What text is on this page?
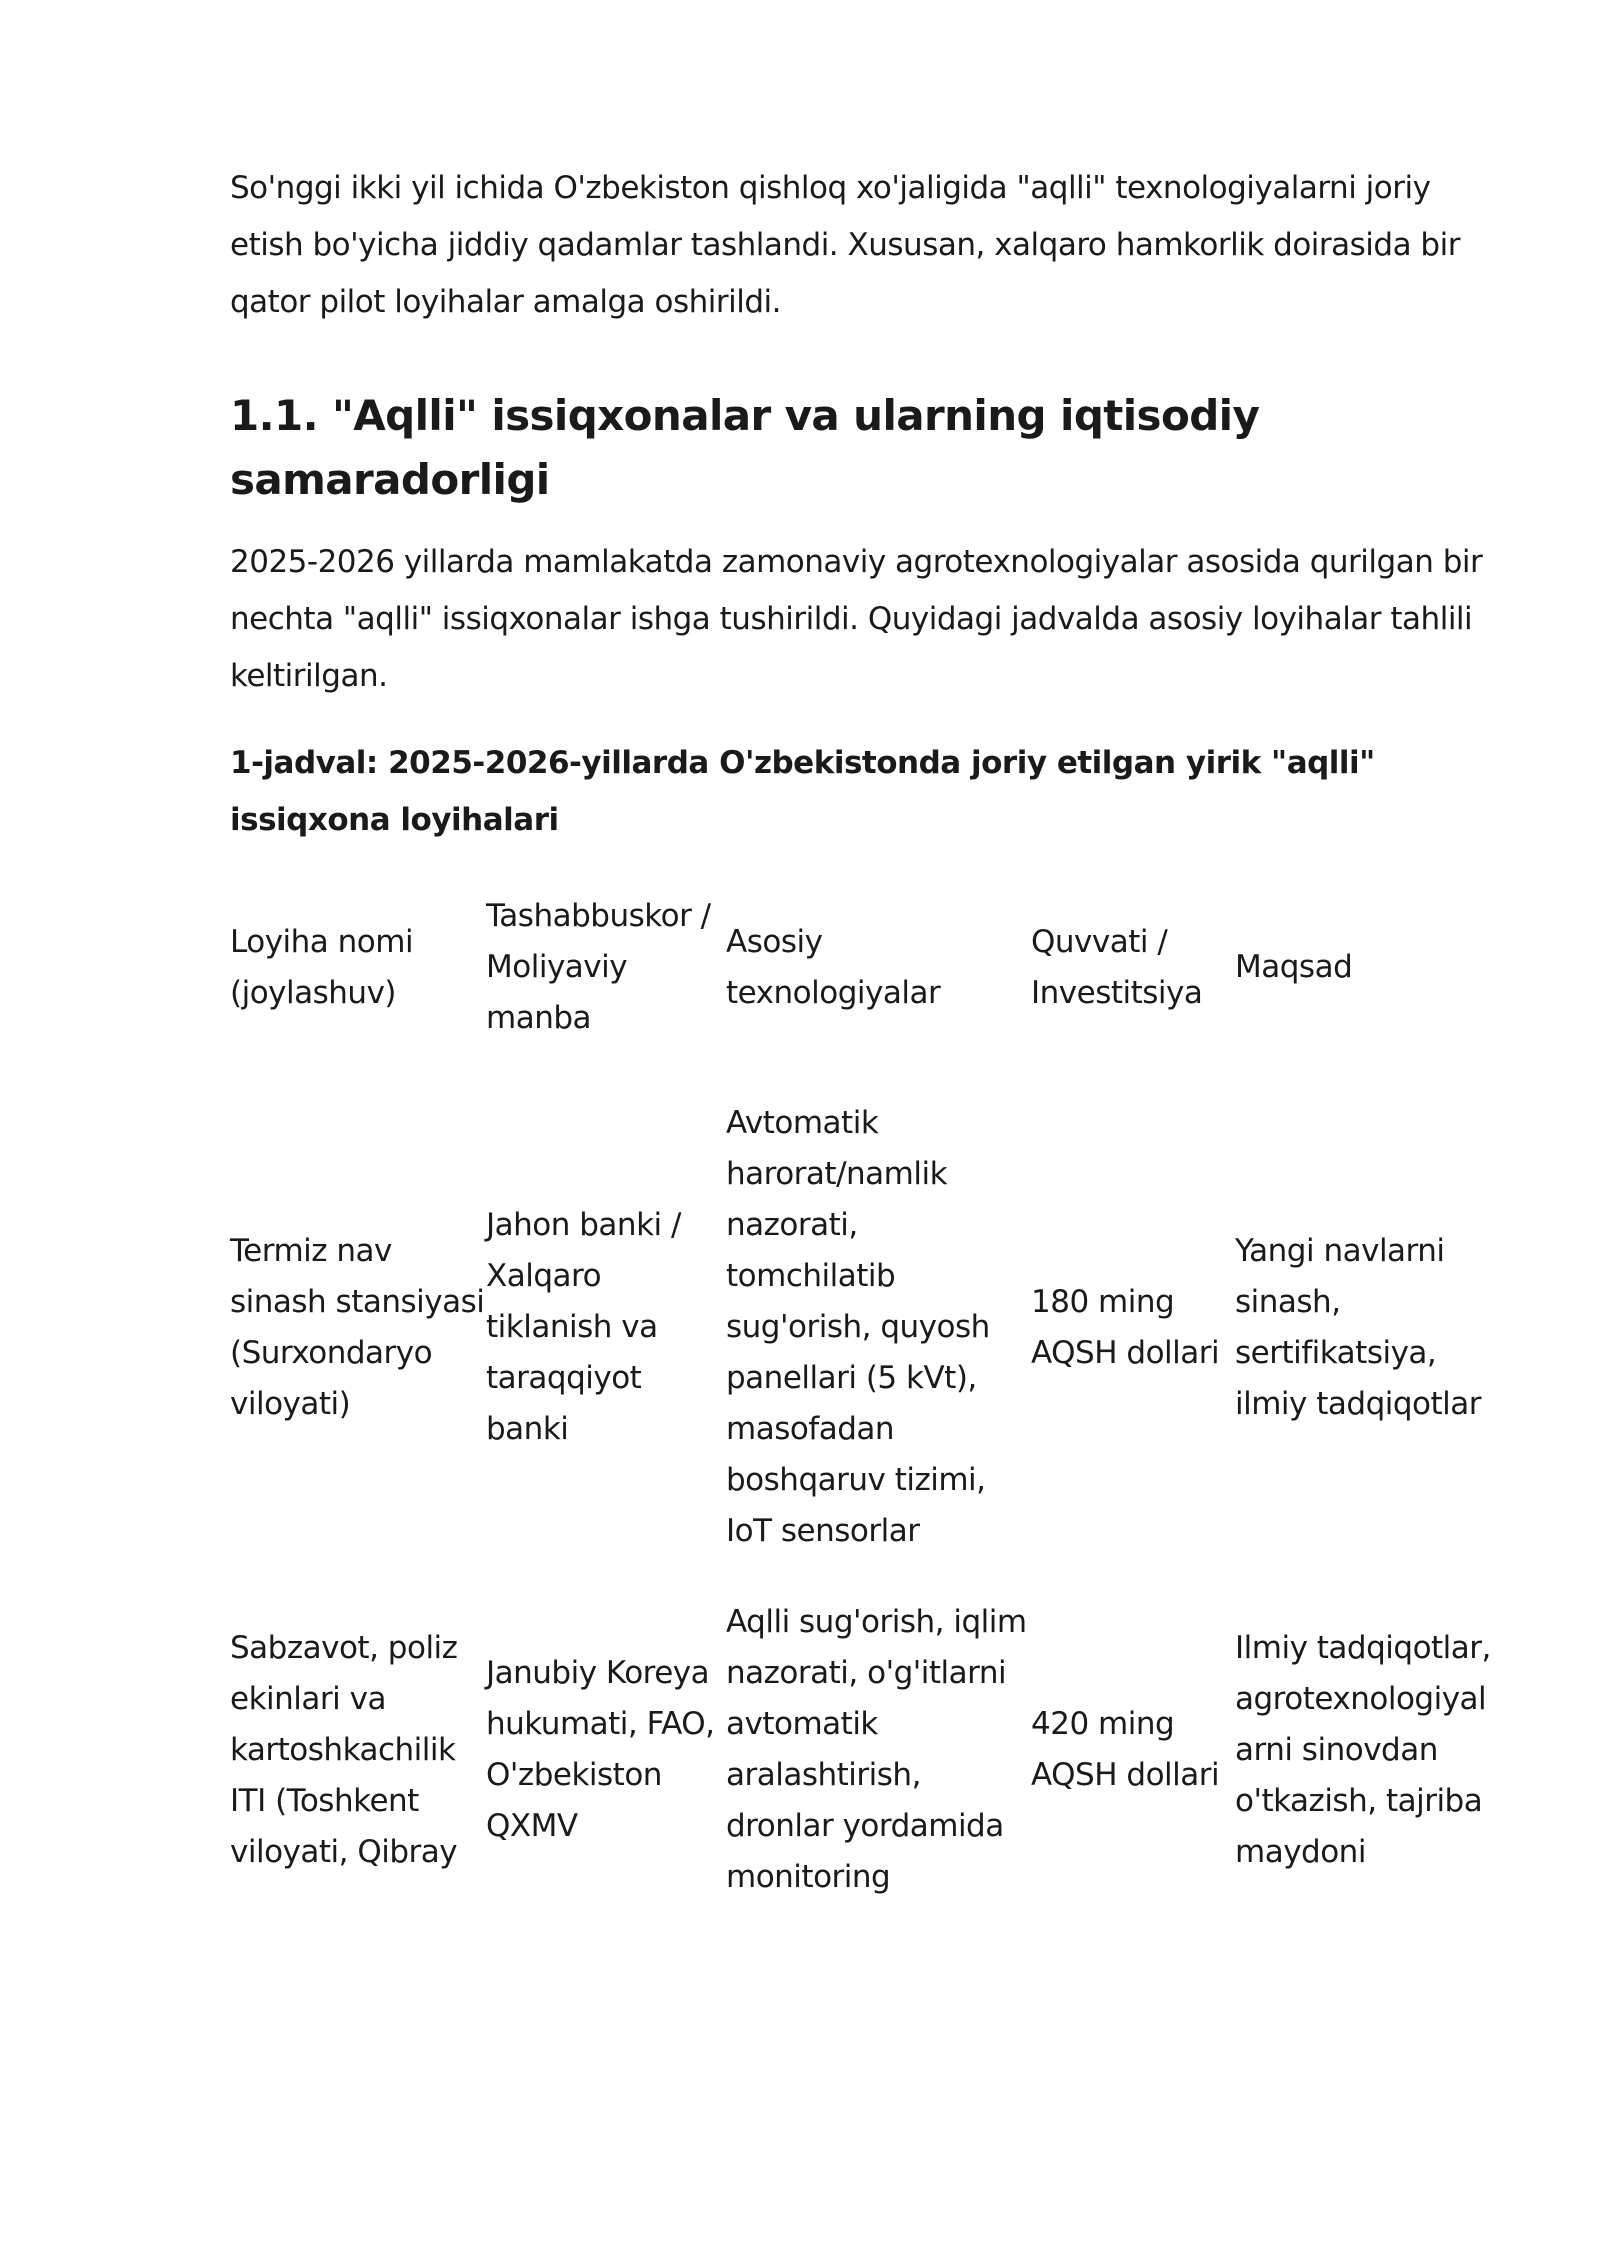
So'nggi ikki yil ichida O'zbekiston qishloq xo'jaligida "aqlli" texnologiyalarni joriy etish bo'yicha jiddiy qadamlar tashlandi. Xususan, xalqaro hamkorlik doirasida bir qator pilot loyihalar amalga oshirildi.

1.1. "Aqlli" issiqxonalar va ularning iqtisodiy samaradorligi

2025-2026 yillarda mamlakatda zamonaviy agrotexnologiyalar asosida qurilgan bir nechta "aqlli" issiqxonalar ishga tushirildi. Quyidagi jadvalda asosiy loyihalar tahlili keltirilgan.

1-jadval: 2025-2026-yillarda O'zbekistonda joriy etilgan yirik "aqlli" issiqxona loyihalari

Loyiha nomi (joylashuv)	Tashabbuskor / Moliyaviy manba	Asosiy texnologiyalar	Quvvati / Investitsiya	Maqsad
Termiz nav sinash stansiyasi (Surxondaryo viloyati)	Jahon banki / Xalqaro tiklanish va taraqqiyot banki	Avtomatik harorat/namlik nazorati, tomchilatib sug'orish, quyosh panellari (5 kVt), masofadan boshqaruv tizimi, IoT sensorlar	180 ming AQSH dollari	Yangi navlarni sinash, sertifikatsiya, ilmiy tadqiqotlar
Sabzavot, poliz ekinlari va kartoshkachilik ITI (Toshkent viloyati, Qibray	Janubiy Koreya hukumati, FAO, O'zbekiston QXMV	Aqlli sug'orish, iqlim nazorati, o'g'itlarni avtomatik aralashtirish, dronlar yordamida monitoring	420 ming AQSH dollari	Ilmiy tadqiqotlar, agrotexnologiyalarni sinovdan o'tkazish, tajriba maydoni
